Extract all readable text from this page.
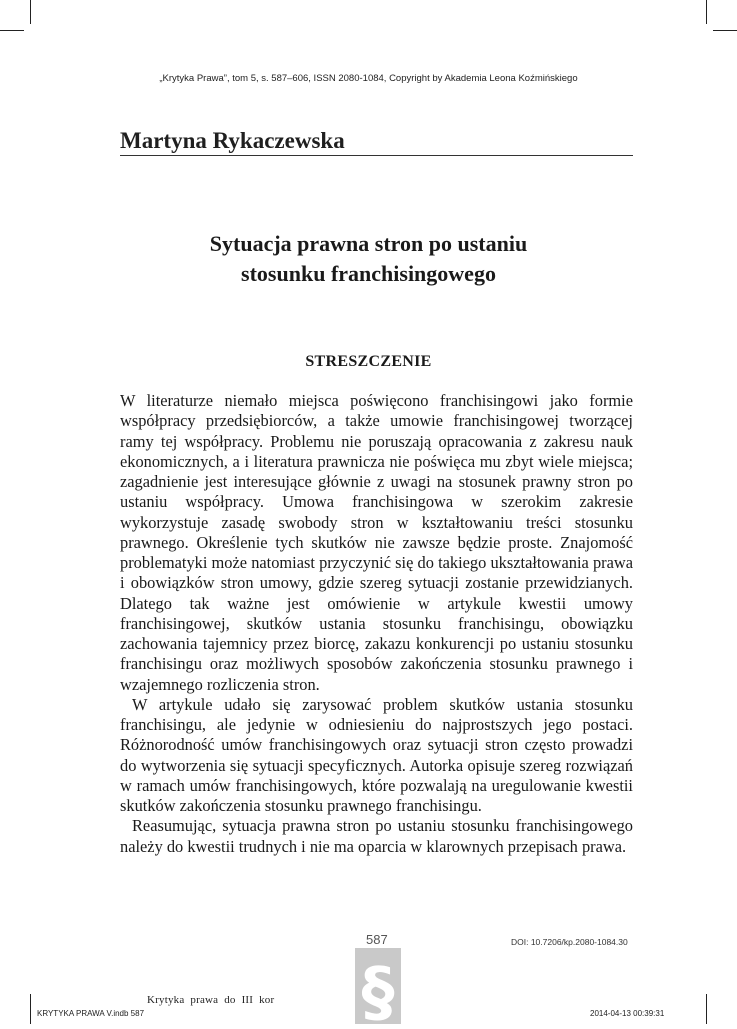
„Krytyka Prawa”, tom 5, s. 587–606, ISSN 2080-1084, Copyright by Akademia Leona Koźmińskiego
Martyna Rykaczewska
Sytuacja prawna stron po ustaniu
stosunku franchisingowego
STRESZCZENIE

W literaturze niemało miejsca poświęcono franchisingowi jako formie współpracy przedsiębiorców, a także umowie franchisingowej tworzącej ramy tej współpracy. Problemu nie poruszają opracowania z zakresu nauk ekonomicznych, a i literatura prawnicza nie poświęca mu zbyt wiele miejsca; zagadnienie jest interesujące głównie z uwagi na stosunek prawny stron po ustaniu współpracy. Umowa franchisingowa w szerokim zakresie wykorzystuje zasadę swobody stron w kształtowaniu treści stosunku prawnego. Określenie tych skutków nie zawsze będzie proste. Znajomość problematyki może natomiast przyczynić się do takiego ukształtowania prawa i obowiązków stron umowy, gdzie szereg sytuacji zostanie przewidzianych. Dlatego tak ważne jest omówienie w artykule kwestii umowy franchisingowej, skutków ustania stosunku franchisingu, obowiązku zachowania tajemnicy przez biorcę, zakazu konkurencji po ustaniu stosunku franchisingu oraz możliwych sposobów zakończenia stosunku prawnego i wzajemnego rozliczenia stron.

W artykule udało się zarysować problem skutków ustania stosunku franchisingu, ale jedynie w odniesieniu do najprostszych jego postaci. Różnorodność umów franchisingowych oraz sytuacji stron często prowadzi do wytworzenia się sytuacji specyficznych. Autorka opisuje szereg rozwiązań w ramach umów franchisingowych, które pozwalają na uregulowanie kwestii skutków zakończenia stosunku prawnego franchisingu.

Reasumując, sytuacja prawna stron po ustaniu stosunku franchisingowego należy do kwestii trudnych i nie ma oparcia w klarownych przepisach prawa.

587	DOI: 10.7206/kp.2080-1084.30
§
Krytyka prawa do III kor
KRYTYKA PRAWA V.indb 587	2014-04-13 00:39:31
